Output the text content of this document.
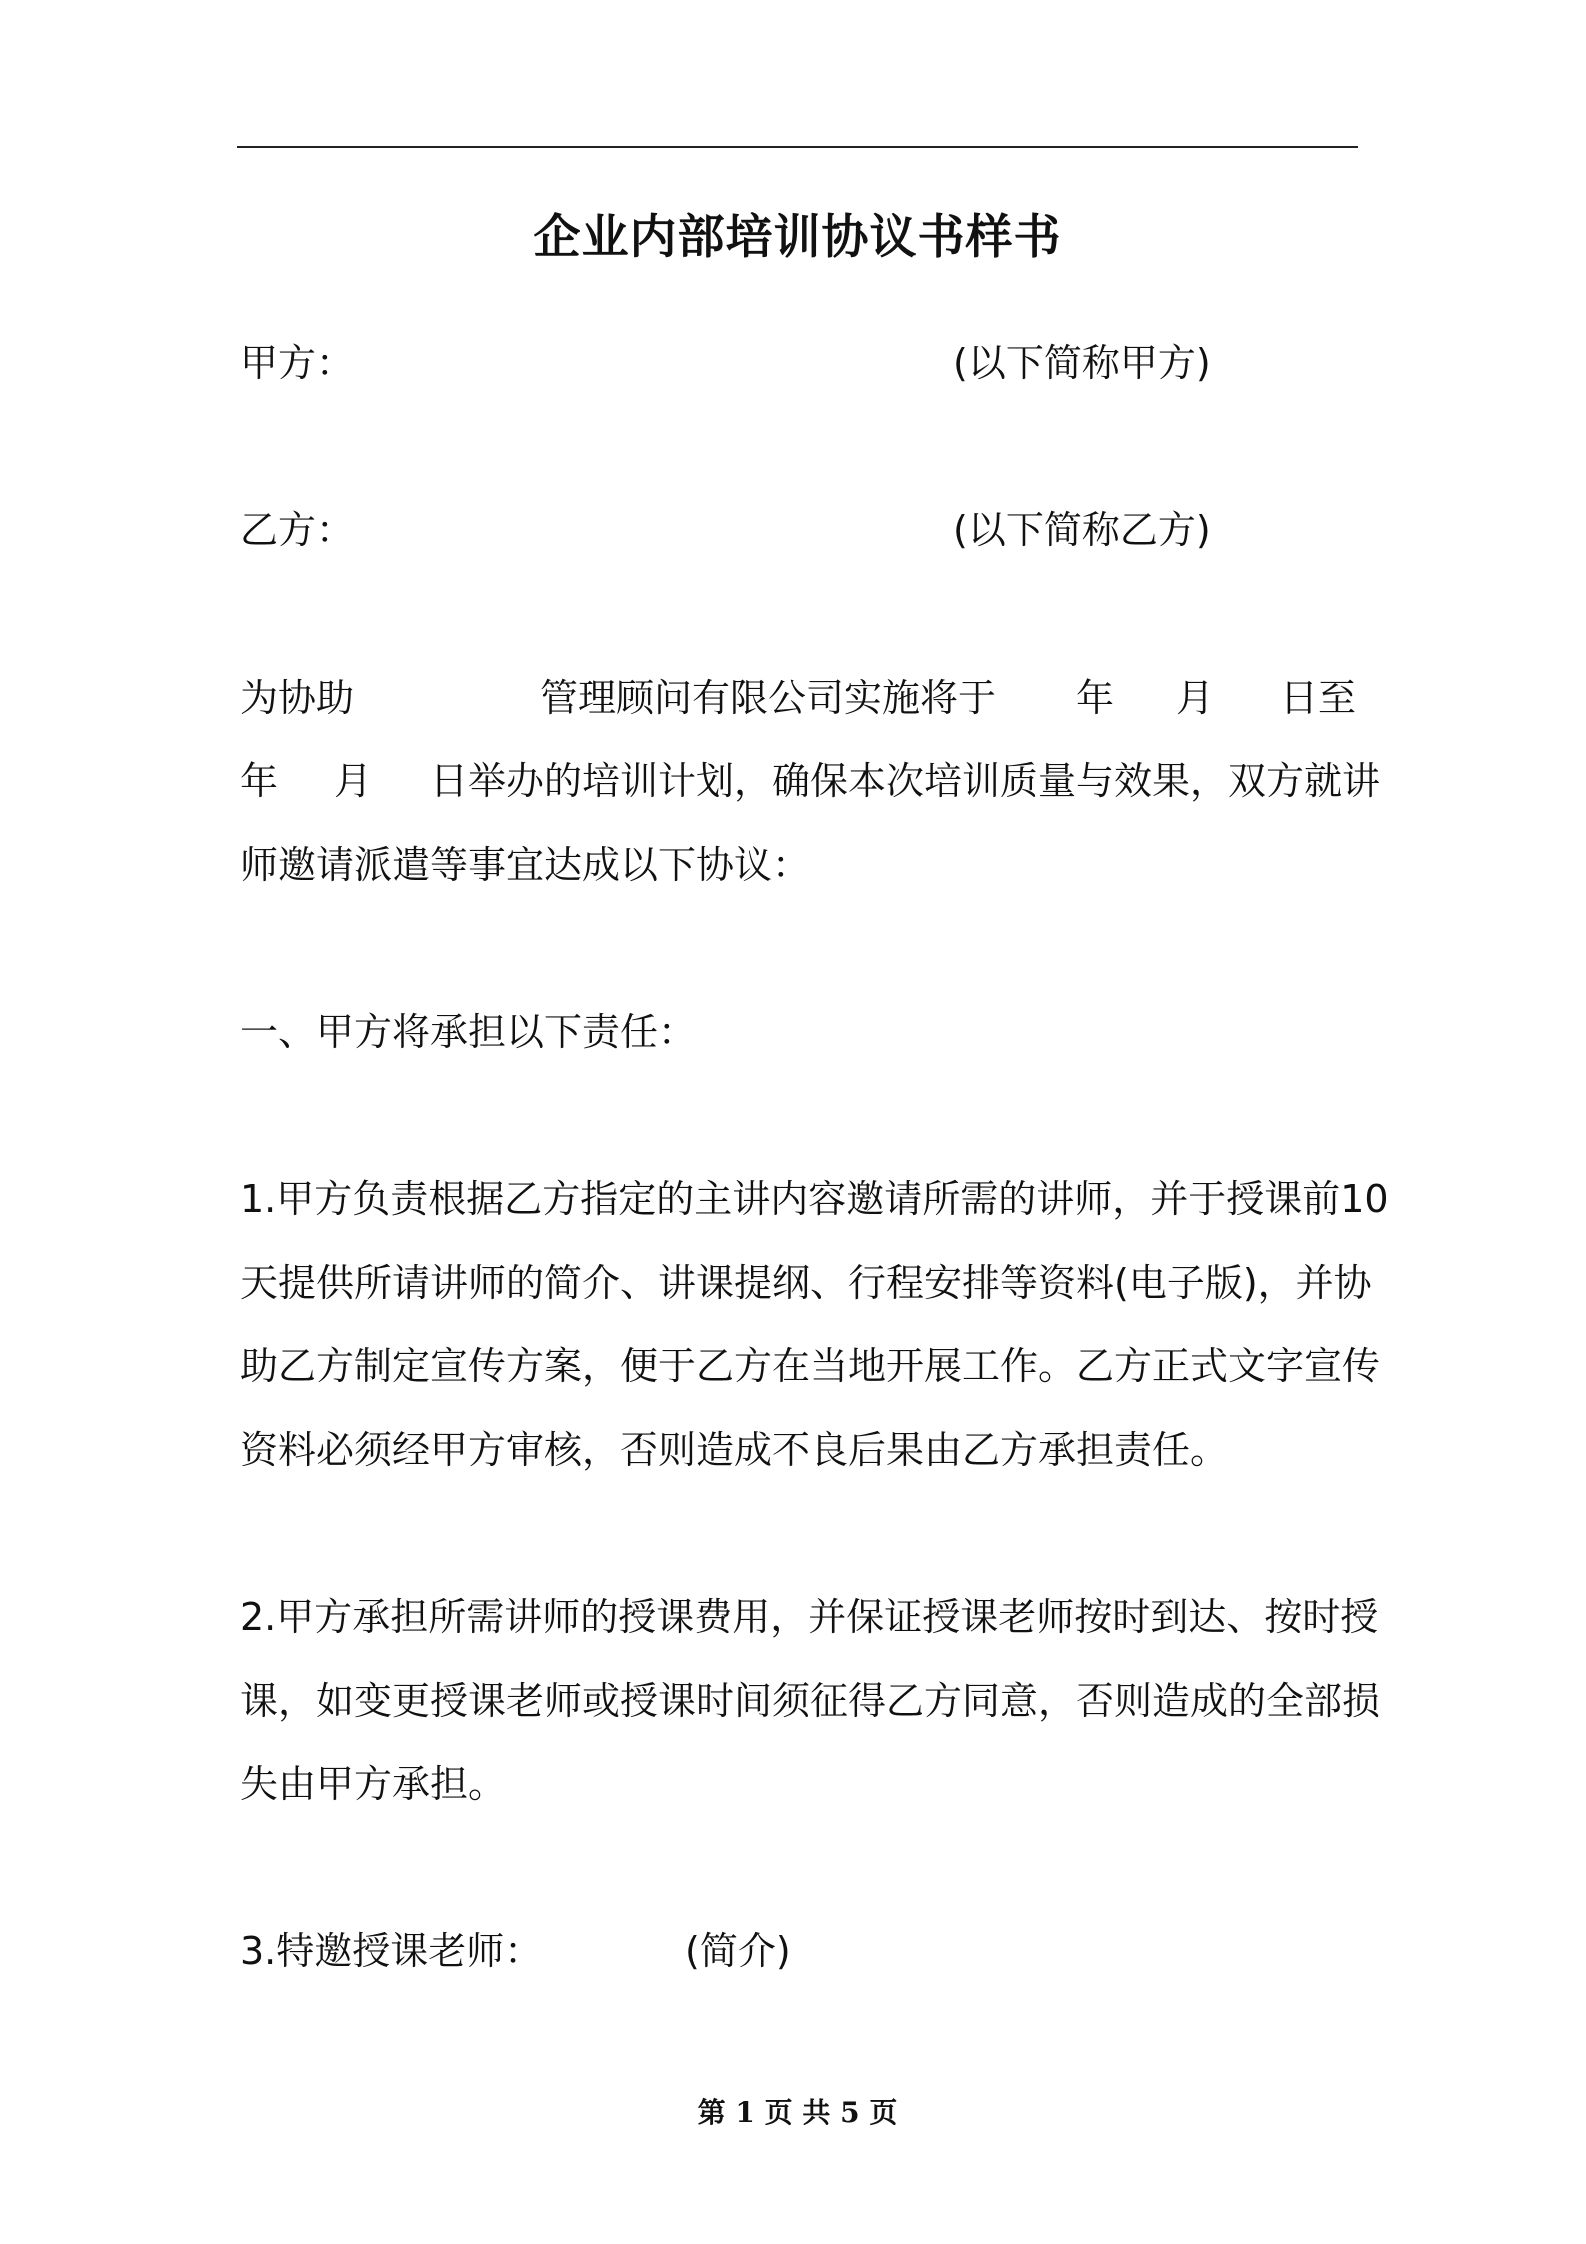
企业内部培训协议书样书
甲方：	(以下简称甲方)
乙方：	(以下简称乙方)
为协助	管理顾问有限公司实施将于 年 月 日至
年 月 日举办的培训计划，确保本次培训质量与效果，双方就讲
师邀请派遣等事宜达成以下协议：
一、甲方将承担以下责任：
1.甲方负责根据乙方指定的主讲内容邀请所需的讲师，并于授课前10
天提供所请讲师的简介、讲课提纲、行程安排等资料(电子版)，并协
助乙方制定宣传方案，便于乙方在当地开展工作。乙方正式文字宣传
资料必须经甲方审核，否则造成不良后果由乙方承担责任。
2.甲方承担所需讲师的授课费用，并保证授课老师按时到达、按时授
课，如变更授课老师或授课时间须征得乙方同意，否则造成的全部损
失由甲方承担。
3.特邀授课老师：	(简介)
第 1 页 共 5 页
